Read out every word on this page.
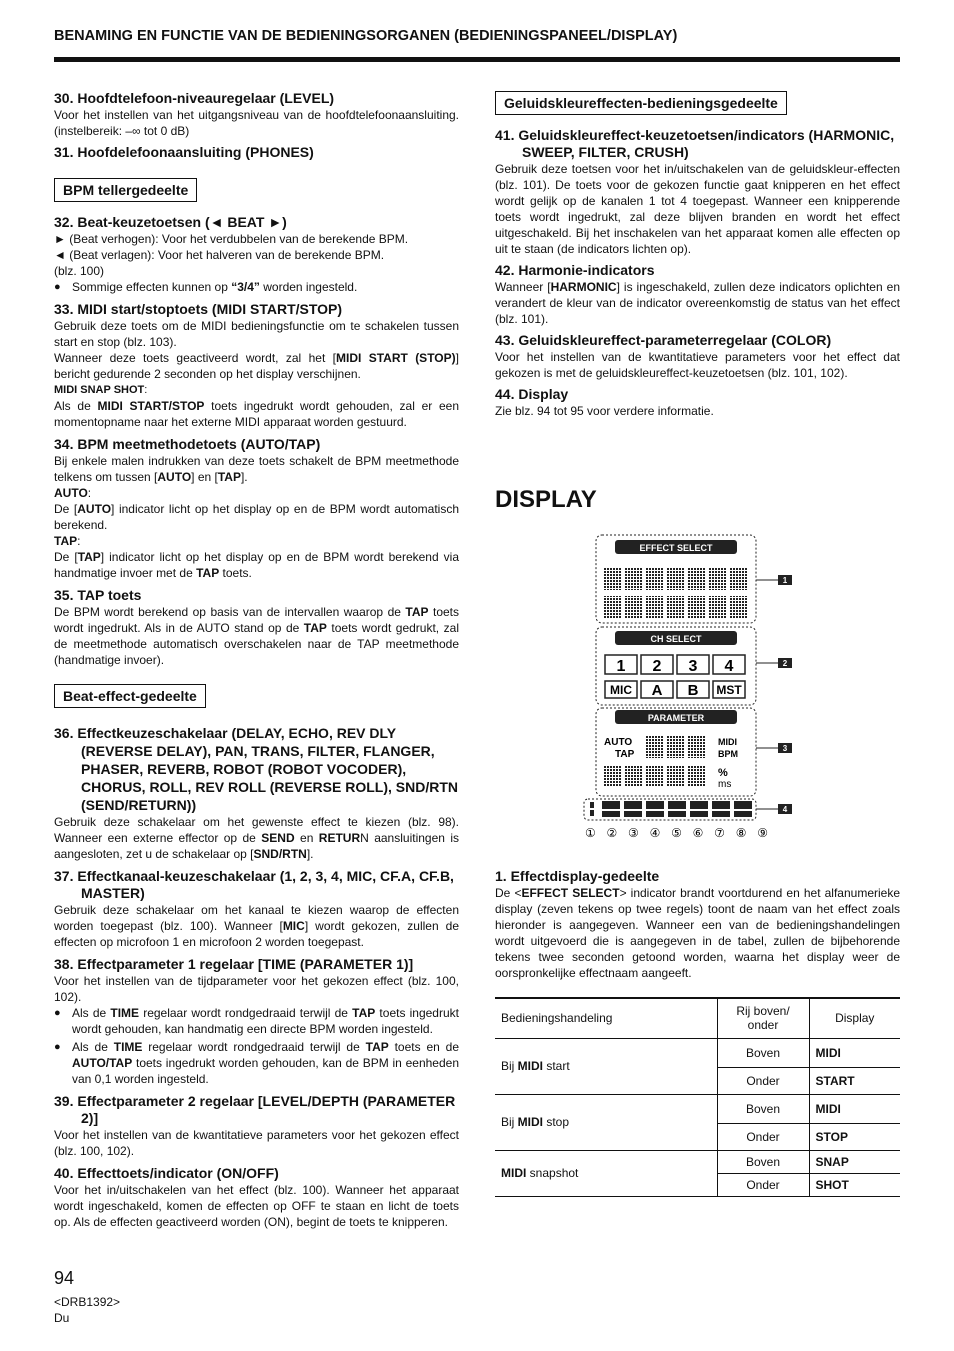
BENAMING EN FUNCTIE VAN DE BEDIENINGSORGANEN (BEDIENINGSPANEEL/DISPLAY)
30. Hoofdtelefoon-niveauregelaar (LEVEL)

Voor het instellen van het uitgangsniveau van de hoofdtelefoonaansluiting. (instelbereik: –∞ tot 0 dB)

31. Hoofdelefoonaansluiting (PHONES)
BPM tellergedeelte
32. Beat-keuzetoetsen (◄ BEAT ►)

► (Beat verhogen): Voor het verdubbelen van de berekende BPM.

◄ (Beat verlagen): Voor het halveren van de berekende BPM.

(blz. 100)

● Sommige effecten kunnen op “3/4” worden ingesteld.
33. MIDI start/stoptoets (MIDI START/STOP)

Gebruik deze toets om de MIDI bedieningsfunctie om te schakelen tussen start en stop (blz. 103).

Wanneer deze toets geactiveerd wordt, zal het [MIDI START (STOP)] bericht gedurende 2 seconden op het display verschijnen.

MIDI SNAP SHOT:

Als de MIDI START/STOP toets ingedrukt wordt gehouden, zal er een momentopname naar het externe MIDI apparaat worden gestuurd.

34. BPM meetmethodetoets (AUTO/TAP)

Bij enkele malen indrukken van deze toets schakelt de BPM meetmethode telkens om tussen [AUTO] en [TAP].

AUTO:

De [AUTO] indicator licht op het display op en de BPM wordt automatisch berekend.

TAP:

De [TAP] indicator licht op het display op en de BPM wordt berekend via handmatige invoer met de TAP toets.

35. TAP toets

De BPM wordt berekend op basis van de intervallen waarop de TAP toets wordt ingedrukt. Als in de AUTO stand op de TAP toets wordt gedrukt, zal de meetmethode automatisch overschakelen naar de TAP meetmethode (handmatige invoer).

Beat-effect-gedeelte
36. Effectkeuzeschakelaar (DELAY, ECHO, REV DLY (REVERSE DELAY), PAN, TRANS, FILTER, FLANGER, PHASER, REVERB, ROBOT (ROBOT VOCODER), CHORUS, ROLL, REV ROLL (REVERSE ROLL), SND/RTN (SEND/RETURN))

Gebruik deze schakelaar om het gewenste effect te kiezen (blz. 98). Wanneer een externe effector op de SEND en RETURN aansluitingen is aangesloten, zet u de schakelaar op [SND/RTN].

37. Effectkanaal-keuzeschakelaar (1, 2, 3, 4, MIC, CF.A, CF.B, MASTER)

Gebruik deze schakelaar om het kanaal te kiezen waarop de effecten worden toegepast (blz. 100). Wanneer [MIC] wordt gekozen, zullen de effecten op microfoon 1 en microfoon 2 worden toegepast.

38. Effectparameter 1 regelaar [TIME (PARAMETER 1)]

Voor het instellen van de tijdparameter voor het gekozen effect (blz. 100, 102).

● Als de TIME regelaar wordt rondgedraaid terwijl de TAP toets ingedrukt wordt gehouden, kan handmatig een directe BPM worden ingesteld.
● Als de TIME regelaar wordt rondgedraaid terwijl de TAP toets en de AUTO/TAP toets ingedrukt worden gehouden, kan de BPM in eenheden van 0,1 worden ingesteld.
39. Effectparameter 2 regelaar [LEVEL/DEPTH (PARAMETER 2)]

Voor het instellen van de kwantitatieve parameters voor het gekozen effect (blz. 100, 102).

40. Effecttoets/indicator (ON/OFF)

Voor het in/uitschakelen van het effect (blz. 100). Wanneer het apparaat wordt ingeschakeld, komen de effecten op OFF te staan en licht de toets op. Als de effecten geactiveerd worden (ON), begint de toets te knipperen.

Geluidskleureffecten-bedieningsgedeelte
41. Geluidskleureffect-keuzetoetsen/indicators (HARMONIC, SWEEP, FILTER, CRUSH)

Gebruik deze toetsen voor het in/uitschakelen van de geluidskleur-effecten (blz. 101). De toets voor de gekozen functie gaat knipperen en het effect wordt gelijk op de kanalen 1 tot 4 toegepast. Wanneer een knipperende toets wordt ingedrukt, zal deze blijven branden en wordt het effect uitgeschakeld. Bij het inschakelen van het apparaat komen alle effecten op uit te staan (de indicators lichten op).

42. Harmonie-indicators

Wanneer [HARMONIC] is ingeschakeld, zullen deze indicators oplichten en verandert de kleur van de indicator overeenkomstig de status van het effect (blz. 101).

43. Geluidskleureffect-parameterregelaar (COLOR)

Voor het instellen van de kwantitatieve parameters voor het effect dat gekozen is met de geluidskleureffect-keuzetoetsen (blz. 101, 102).

44. Display

Zie blz. 94 tot 95 voor verdere informatie.

DISPLAY
EFFECT SELECT
1
CH SELECT
1 2 3 4
MIC A B MST
2
PARAMETER
AUTO
TAP
MIDI
BPM
%
ms
3
4
① ② ③ ④ ⑤ ⑥ ⑦ ⑧ ⑨
1. Effectdisplay-gedeelte

De <EFFECT SELECT> indicator brandt voortdurend en het alfanumerieke display (zeven tekens op twee regels) toont de naam van het effect zoals hieronder is aangegeven. Wanneer een van de bedieningshandelingen wordt uitgevoerd die is aangegeven in de tabel, zullen de bijbehorende tekens twee seconden getoond worden, waarna het display weer de oorspronkelijke effectnaam aangeeft.

Bedieningshandeling	Rij boven/
onder	Display
Bij MIDI start	Boven	MIDI
	Onder	START
Bij MIDI stop	Boven	MIDI
	Onder	STOP
MIDI snapshot	Boven	SNAP
	Onder	SHOT
94
<DRB1392>
Du
